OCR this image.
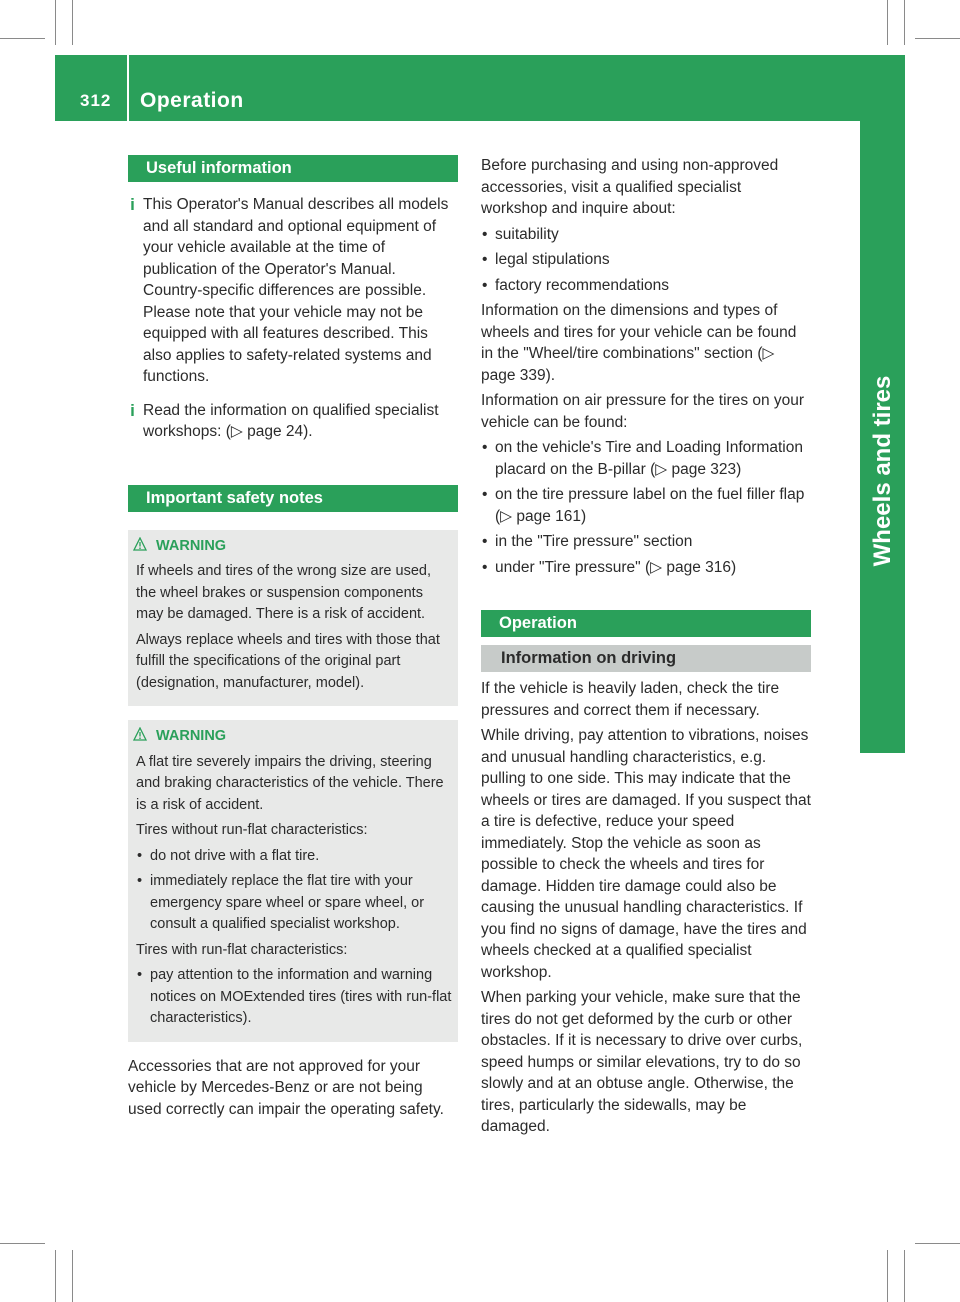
312 Operation
Wheels and tires
Useful information
i This Operator's Manual describes all models and all standard and optional equipment of your vehicle available at the time of publication of the Operator's Manual. Country-specific differences are possible. Please note that your vehicle may not be equipped with all features described. This also applies to safety-related systems and functions.
i Read the information on qualified specialist workshops: (▷ page 24).
Important safety notes
WARNING
If wheels and tires of the wrong size are used, the wheel brakes or suspension components may be damaged. There is a risk of accident.
Always replace wheels and tires with those that fulfill the specifications of the original part (designation, manufacturer, model).
WARNING
A flat tire severely impairs the driving, steering and braking characteristics of the vehicle. There is a risk of accident.
Tires without run-flat characteristics:
• do not drive with a flat tire.
• immediately replace the flat tire with your emergency spare wheel or spare wheel, or consult a qualified specialist workshop.
Tires with run-flat characteristics:
• pay attention to the information and warning notices on MOExtended tires (tires with run-flat characteristics).
Accessories that are not approved for your vehicle by Mercedes-Benz or are not being used correctly can impair the operating safety.
Before purchasing and using non-approved accessories, visit a qualified specialist workshop and inquire about:
• suitability
• legal stipulations
• factory recommendations
Information on the dimensions and types of wheels and tires for your vehicle can be found in the "Wheel/tire combinations" section (▷ page 339).
Information on air pressure for the tires on your vehicle can be found:
• on the vehicle's Tire and Loading Information placard on the B-pillar (▷ page 323)
• on the tire pressure label on the fuel filler flap (▷ page 161)
• in the "Tire pressure" section
• under "Tire pressure" (▷ page 316)
Operation
Information on driving
If the vehicle is heavily laden, check the tire pressures and correct them if necessary.
While driving, pay attention to vibrations, noises and unusual handling characteristics, e.g. pulling to one side. This may indicate that the wheels or tires are damaged. If you suspect that a tire is defective, reduce your speed immediately. Stop the vehicle as soon as possible to check the wheels and tires for damage. Hidden tire damage could also be causing the unusual handling characteristics. If you find no signs of damage, have the tires and wheels checked at a qualified specialist workshop.
When parking your vehicle, make sure that the tires do not get deformed by the curb or other obstacles. If it is necessary to drive over curbs, speed humps or similar elevations, try to do so slowly and at an obtuse angle. Otherwise, the tires, particularly the sidewalls, may be damaged.
